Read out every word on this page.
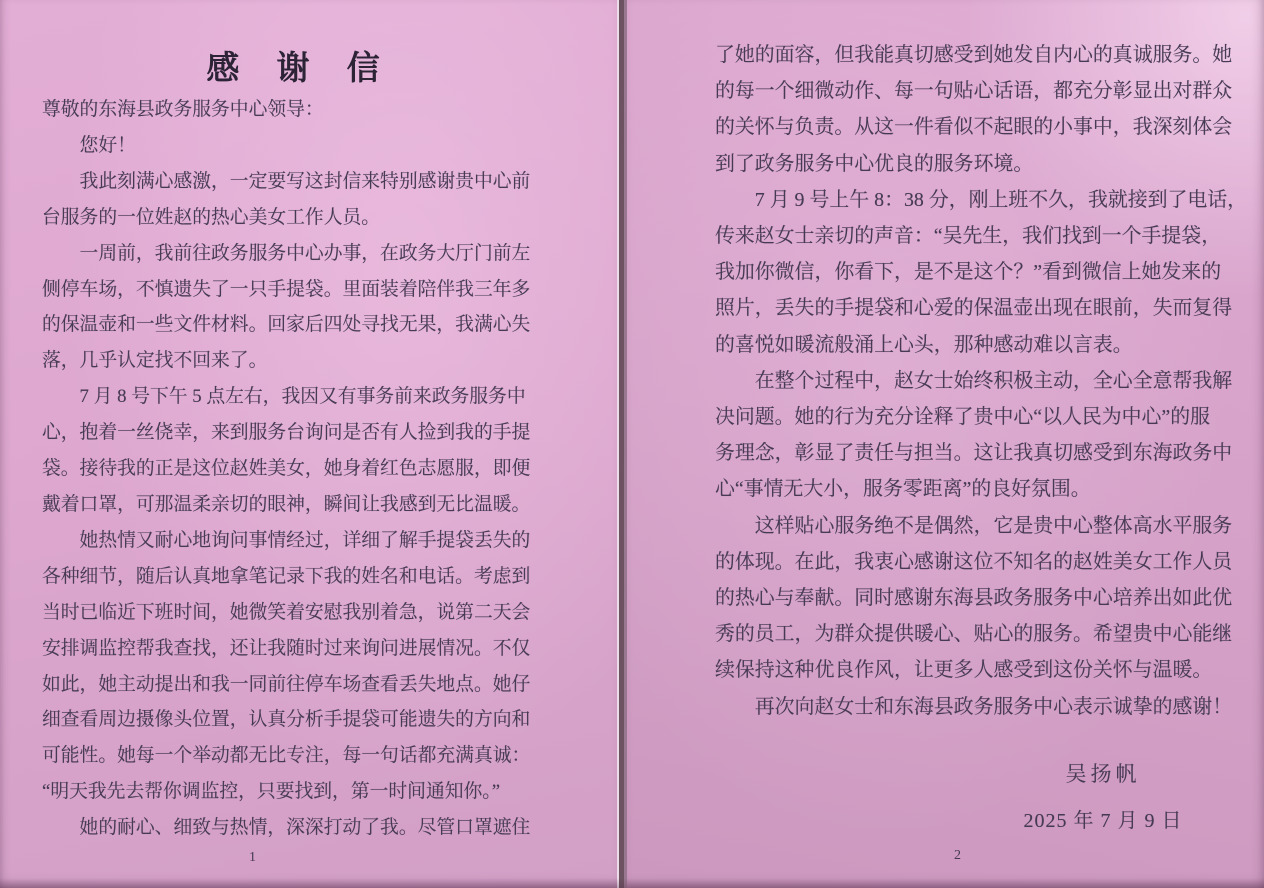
感 谢 信
尊敬的东海县政务服务中心领导：
　　您好！
　　我此刻满心感激，一定要写这封信来特别感谢贵中心前
台服务的一位姓赵的热心美女工作人员。
　　一周前，我前往政务服务中心办事，在政务大厅门前左
侧停车场，不慎遗失了一只手提袋。里面装着陪伴我三年多
的保温壶和一些文件材料。回家后四处寻找无果，我满心失
落，几乎认定找不回来了。
　　7 月 8 号下午 5 点左右，我因又有事务前来政务服务中
心，抱着一丝侥幸，来到服务台询问是否有人捡到我的手提
袋。接待我的正是这位赵姓美女，她身着红色志愿服，即便
戴着口罩，可那温柔亲切的眼神，瞬间让我感到无比温暖。
　　她热情又耐心地询问事情经过，详细了解手提袋丢失的
各种细节，随后认真地拿笔记录下我的姓名和电话。考虑到
当时已临近下班时间，她微笑着安慰我别着急，说第二天会
安排调监控帮我查找，还让我随时过来询问进展情况。不仅
如此，她主动提出和我一同前往停车场查看丢失地点。她仔
细查看周边摄像头位置，认真分析手提袋可能遗失的方向和
可能性。她每一个举动都无比专注，每一句话都充满真诚：
“明天我先去帮你调监控，只要找到，第一时间通知你。”
　　她的耐心、细致与热情，深深打动了我。尽管口罩遮住
1
了她的面容，但我能真切感受到她发自内心的真诚服务。她
的每一个细微动作、每一句贴心话语，都充分彰显出对群众
的关怀与负责。从这一件看似不起眼的小事中，我深刻体会
到了政务服务中心优良的服务环境。
　　7 月 9 号上午 8：38 分，刚上班不久，我就接到了电话，
传来赵女士亲切的声音：“吴先生，我们找到一个手提袋，
我加你微信，你看下，是不是这个？”看到微信上她发来的
照片，丢失的手提袋和心爱的保温壶出现在眼前，失而复得
的喜悦如暖流般涌上心头，那种感动难以言表。
　　在整个过程中，赵女士始终积极主动，全心全意帮我解
决问题。她的行为充分诠释了贵中心“以人民为中心”的服
务理念，彰显了责任与担当。这让我真切感受到东海政务中
心“事情无大小，服务零距离”的良好氛围。
　　这样贴心服务绝不是偶然，它是贵中心整体高水平服务
的体现。在此，我衷心感谢这位不知名的赵姓美女工作人员
的热心与奉献。同时感谢东海县政务服务中心培养出如此优
秀的员工，为群众提供暖心、贴心的服务。希望贵中心能继
续保持这种优良作风，让更多人感受到这份关怀与温暖。
　　再次向赵女士和东海县政务服务中心表示诚挚的感谢！
吴扬帆
2025 年 7 月 9 日
2
